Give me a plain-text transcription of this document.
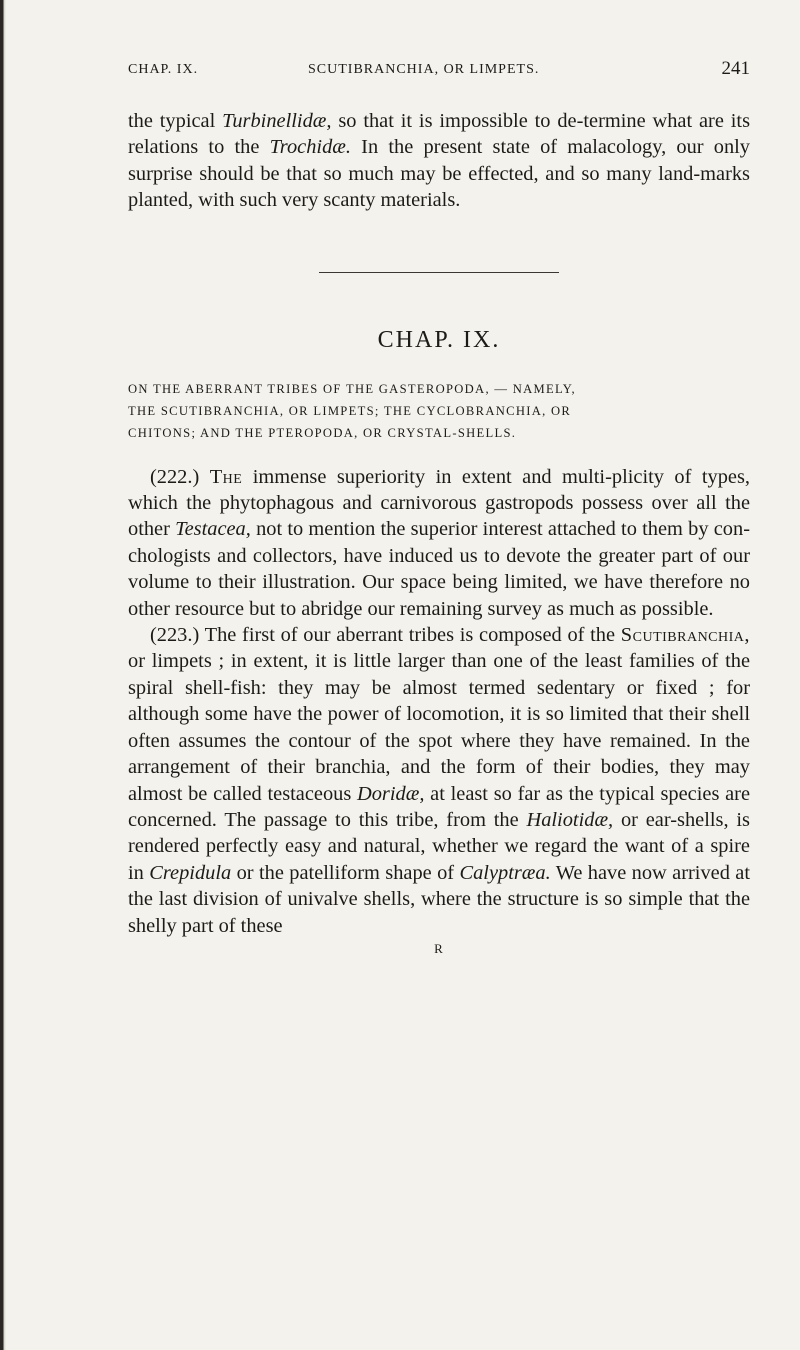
CHAP. IX.	SCUTIBRANCHIA, OR LIMPETS.	241

the typical Turbinellidæ, so that it is impossible to de-termine what are its relations to the Trochidæ. In the present state of malacology, our only surprise should be that so much may be effected, and so many land-marks planted, with such very scanty materials.

CHAP. IX.
ON THE ABERRANT TRIBES OF THE GASTEROPODA, — NAMELY,
THE SCUTIBRANCHIA, OR LIMPETS; THE CYCLOBRANCHIA, OR
CHITONS; AND THE PTEROPODA, OR CRYSTAL-SHELLS.

(222.) The immense superiority in extent and multi-plicity of types, which the phytophagous and carnivorous gastropods possess over all the other Testacea, not to mention the superior interest attached to them by con-chologists and collectors, have induced us to devote the greater part of our volume to their illustration. Our space being limited, we have therefore no other resource but to abridge our remaining survey as much as possible.

(223.) The first of our aberrant tribes is composed of the Scutibranchia, or limpets ; in extent, it is little larger than one of the least families of the spiral shell-fish: they may be almost termed sedentary or fixed ; for although some have the power of locomotion, it is so limited that their shell often assumes the contour of the spot where they have remained. In the arrangement of their branchia, and the form of their bodies, they may almost be called testaceous Doridæ, at least so far as the typical species are concerned. The passage to this tribe, from the Haliotidæ, or ear-shells, is rendered perfectly easy and natural, whether we regard the want of a spire in Crepidula or the patelliform shape of Calyptræa. We have now arrived at the last division of univalve shells, where the structure is so simple that the shelly part of these

R
